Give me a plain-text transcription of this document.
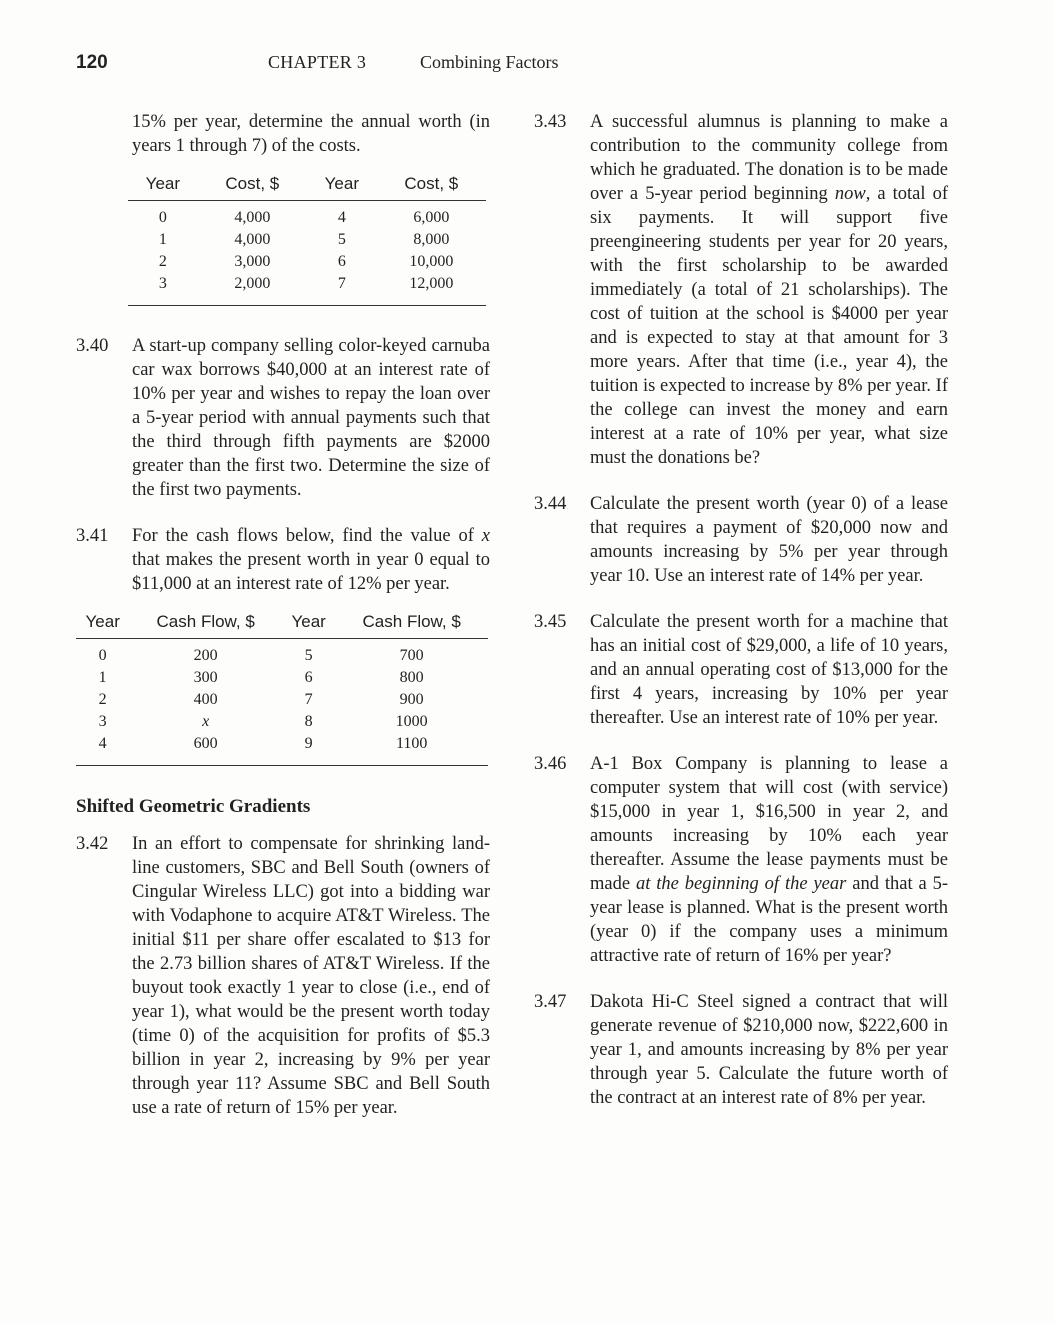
120	CHAPTER 3	Combining Factors
15% per year, determine the annual worth (in years 1 through 7) of the costs.
Year	Cost, $	Year	Cost, $
0	4,000	4	6,000
1	4,000	5	8,000
2	3,000	6	10,000
3	2,000	7	12,000
3.40	A start-up company selling color-keyed carnuba car wax borrows $40,000 at an interest rate of 10% per year and wishes to repay the loan over a 5-year period with annual payments such that the third through fifth payments are $2000 greater than the first two. Determine the size of the first two payments.
3.41	For the cash flows below, find the value of x that makes the present worth in year 0 equal to $11,000 at an interest rate of 12% per year.
Year	Cash Flow, $	Year	Cash Flow, $
0	200	5	700
1	300	6	800
2	400	7	900
3	x	8	1000
4	600	9	1100
Shifted Geometric Gradients
3.42	In an effort to compensate for shrinking land-line customers, SBC and Bell South (owners of Cingular Wireless LLC) got into a bidding war with Vodaphone to acquire AT&T Wireless. The initial $11 per share offer escalated to $13 for the 2.73 billion shares of AT&T Wireless. If the buyout took exactly 1 year to close (i.e., end of year 1), what would be the present worth today (time 0) of the acquisition for profits of $5.3 billion in year 2, increasing by 9% per year through year 11? Assume SBC and Bell South use a rate of return of 15% per year.
3.43	A successful alumnus is planning to make a contribution to the community college from which he graduated. The donation is to be made over a 5-year period beginning now, a total of six payments. It will support five preengineering students per year for 20 years, with the first scholarship to be awarded immediately (a total of 21 scholarships). The cost of tuition at the school is $4000 per year and is expected to stay at that amount for 3 more years. After that time (i.e., year 4), the tuition is expected to increase by 8% per year. If the college can invest the money and earn interest at a rate of 10% per year, what size must the donations be?
3.44	Calculate the present worth (year 0) of a lease that requires a payment of $20,000 now and amounts increasing by 5% per year through year 10. Use an interest rate of 14% per year.
3.45	Calculate the present worth for a machine that has an initial cost of $29,000, a life of 10 years, and an annual operating cost of $13,000 for the first 4 years, increasing by 10% per year thereafter. Use an interest rate of 10% per year.
3.46	A-1 Box Company is planning to lease a computer system that will cost (with service) $15,000 in year 1, $16,500 in year 2, and amounts increasing by 10% each year thereafter. Assume the lease payments must be made at the beginning of the year and that a 5-year lease is planned. What is the present worth (year 0) if the company uses a minimum attractive rate of return of 16% per year?
3.47	Dakota Hi-C Steel signed a contract that will generate revenue of $210,000 now, $222,600 in year 1, and amounts increasing by 8% per year through year 5. Calculate the future worth of the contract at an interest rate of 8% per year.
